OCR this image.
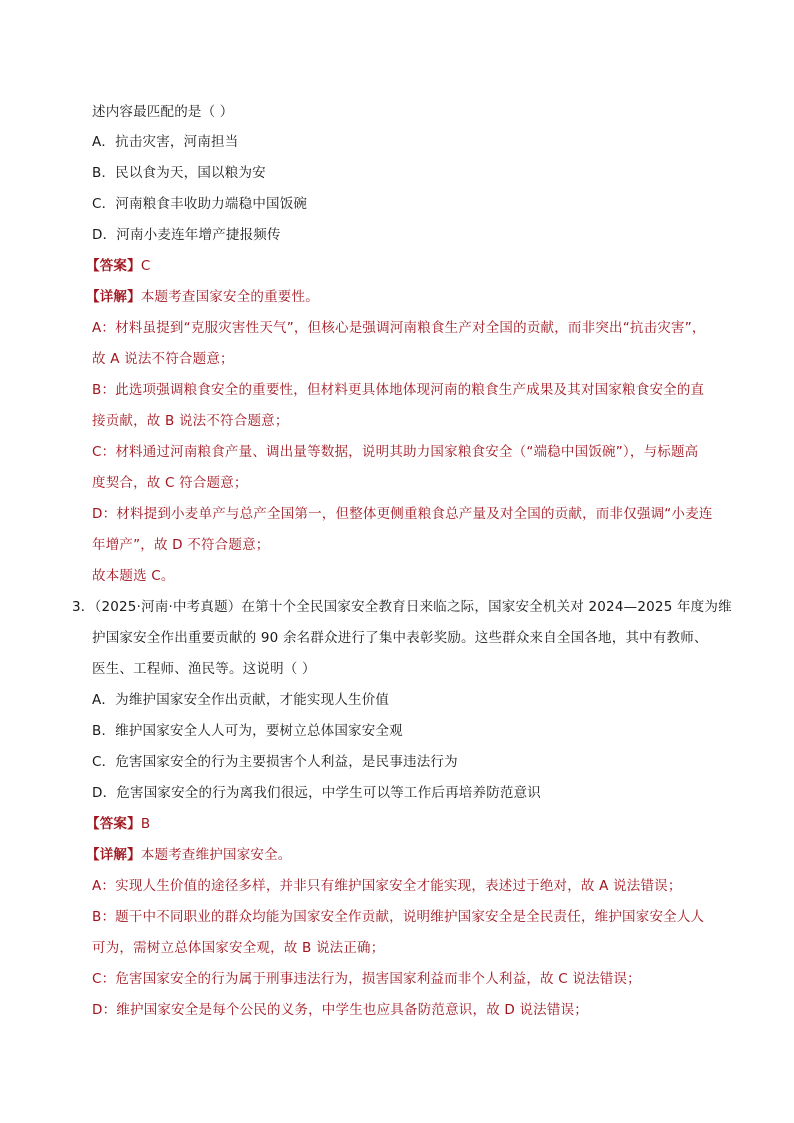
述内容最匹配的是（ ）
A．抗击灾害，河南担当
B．民以食为天，国以粮为安
C．河南粮食丰收助力端稳中国饭碗
D．河南小麦连年增产捷报频传
【答案】C
【详解】本题考查国家安全的重要性。
A：材料虽提到“克服灾害性天气”，但核心是强调河南粮食生产对全国的贡献，而非突出“抗击灾害”，
故 A 说法不符合题意；
B：此选项强调粮食安全的重要性，但材料更具体地体现河南的粮食生产成果及其对国家粮食安全的直
接贡献，故 B 说法不符合题意；
C：材料通过河南粮食产量、调出量等数据，说明其助力国家粮食安全（“端稳中国饭碗”），与标题高
度契合，故 C 符合题意；
D：材料提到小麦单产与总产全国第一，但整体更侧重粮食总产量及对全国的贡献，而非仅强调“小麦连
年增产”，故 D 不符合题意；
故本题选 C。
3．（2025·河南·中考真题）在第十个全民国家安全教育日来临之际，国家安全机关对 2024—2025 年度为维
护国家安全作出重要贡献的 90 余名群众进行了集中表彰奖励。这些群众来自全国各地，其中有教师、
医生、工程师、渔民等。这说明（ ）
A．为维护国家安全作出贡献，才能实现人生价值
B．维护国家安全人人可为，要树立总体国家安全观
C．危害国家安全的行为主要损害个人利益，是民事违法行为
D．危害国家安全的行为离我们很远，中学生可以等工作后再培养防范意识
【答案】B
【详解】本题考查维护国家安全。
A：实现人生价值的途径多样，并非只有维护国家安全才能实现，表述过于绝对，故 A 说法错误；
B：题干中不同职业的群众均能为国家安全作贡献，说明维护国家安全是全民责任，维护国家安全人人
可为，需树立总体国家安全观，故 B 说法正确；
C：危害国家安全的行为属于刑事违法行为，损害国家利益而非个人利益，故 C 说法错误；
D：维护国家安全是每个公民的义务，中学生也应具备防范意识，故 D 说法错误；
